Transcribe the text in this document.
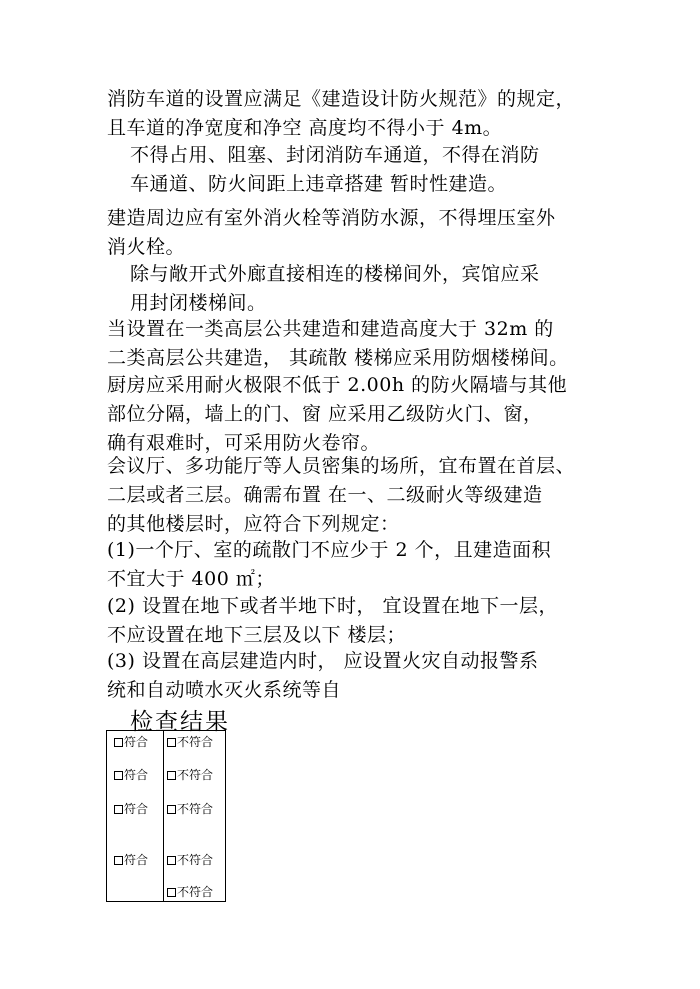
消防车道的设置应满足《建造设计防火规范》的规定，
且车道的净宽度和净空 高度均不得小于 4m。

不得占用、阻塞、封闭消防车通道，不得在消防
车通道、防火间距上违章搭建 暂时性建造。

建造周边应有室外消火栓等消防水源，不得埋压室外
消火栓。

除与敞开式外廊直接相连的楼梯间外，宾馆应采
用封闭楼梯间。

当设置在一类高层公共建造和建造高度大于 32m 的
二类高层公共建造， 其疏散 楼梯应采用防烟楼梯间。

厨房应采用耐火极限不低于 2.00h 的防火隔墙与其他
部位分隔，墙上的门、窗 应采用乙级防火门、窗，
确有艰难时，可采用防火卷帘。

会议厅、多功能厅等人员密集的场所，宜布置在首层、
二层或者三层。确需布置 在一、二级耐火等级建造
的其他楼层时，应符合下列规定：

(1)一个厅、室的疏散门不应少于 2 个，且建造面积
不宜大于 400 ㎡；

(2) 设置在地下或者半地下时， 宜设置在地下一层，
不应设置在地下三层及以下 楼层；

(3) 设置在高层建造内时， 应设置火灾自动报警系
统和自动喷水灭火系统等自

检查结果
符合 不符合
符合 不符合
符合 不符合
符合 不符合
不符合
